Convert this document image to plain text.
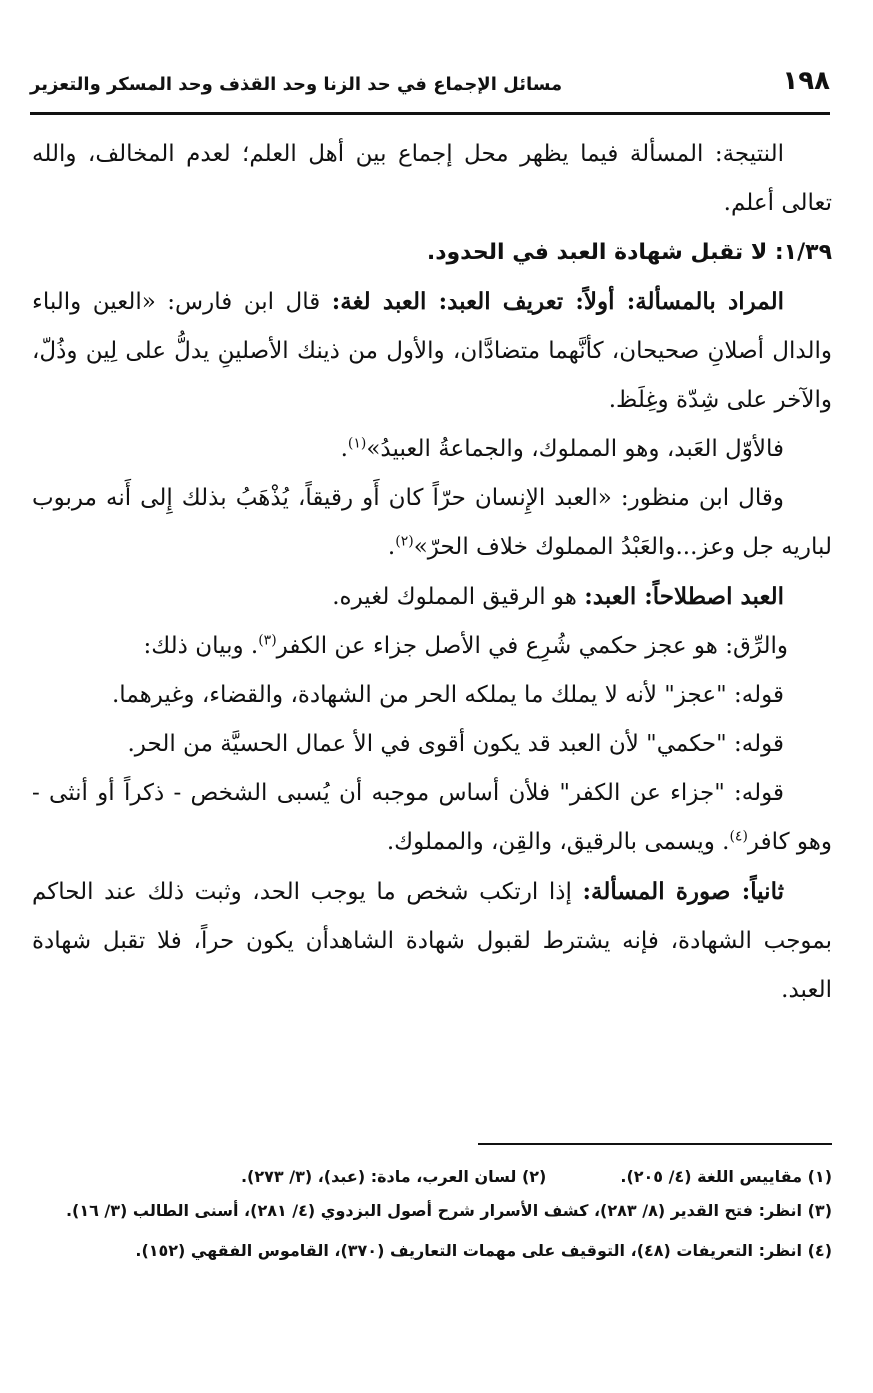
١٩٨
مسائل الإجماع في حد الزنا وحد القذف وحد المسكر والتعزير

النتيجة: المسألة فيما يظهر محل إجماع بين أهل العلم؛ لعدم المخالف، والله تعالى أعلم.

١/٣٩: لا تقبل شهادة العبد في الحدود.

المراد بالمسألة: أولاً: تعريف العبد: العبد لغة: قال ابن فارس: «العين والباء والدال أصلانِ صحيحان، كأنَّهما متضادَّان، والأول من ذينك الأصلينِ يدلُّ على لِين وذُلّ، والآخر على شِدّة وغِلَظ.

فالأوّل العَبد، وهو المملوك، والجماعةُ العبيدُ»$^{(١)}$.

وقال ابن منظور: «العبد الإِنسان حرّاً كان أَو رقيقاً، يُذْهَبُ بذلك إِلى أَنه مربوب لباريه جل وعز...والعَبْدُ المملوك خلاف الحرّ»$^{(٢)}$.

العبد اصطلاحاً: العبد: هو الرقيق المملوك لغيره.

والرِّق: هو عجز حكمي شُرِع في الأصل جزاء عن الكفر$^{(٣)}$. وبيان ذلك:

قوله: "عجز" لأنه لا يملك ما يملكه الحر من الشهادة، والقضاء، وغيرهما.

قوله: "حكمي" لأن العبد قد يكون أقوى في الأ عمال الحسيَّة من الحر.

قوله: "جزاء عن الكفر" فلأن أساس موجبه أن يُسبى الشخص - ذكراً أو أنثى - وهو كافر$^{(٤)}$. ويسمى بالرقيق، والقِن، والمملوك.

ثانياً: صورة المسألة: إذا ارتكب شخص ما يوجب الحد، وثبت ذلك عند الحاكم بموجب الشهادة، فإنه يشترط لقبول شهادة الشاهدأن يكون حراً، فلا تقبل شهادة العبد.

(١) مقاييس اللغة (٤/ ٢٠٥).
(٢) لسان العرب، مادة: (عبد)، (٣/ ٢٧٣).

(٣) انظر: فتح القدير (٨/ ٢٨٣)، كشف الأسرار شرح أصول البزدوي (٤/ ٢٨١)، أسنى الطالب (٣/ ١٦).

(٤) انظر: التعريفات (٤٨)، التوقيف على مهمات التعاريف (٣٧٠)، القاموس الفقهي (١٥٢).
